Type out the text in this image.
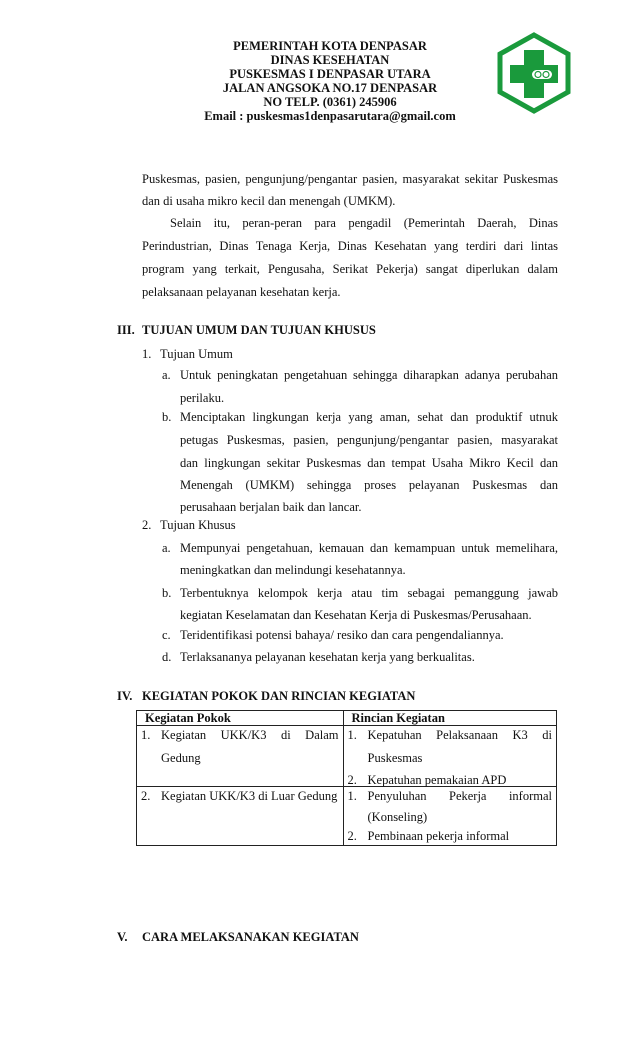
PEMERINTAH KOTA DENPASAR
DINAS KESEHATAN
PUSKESMAS I DENPASAR UTARA
JALAN ANGSOKA NO.17 DENPASAR
NO TELP. (0361) 245906
Email : puskesmas1denpasarutara@gmail.com
Puskesmas, pasien, pengunjung/pengantar pasien, masyarakat sekitar Puskesmas
dan di usaha mikro kecil dan menengah (UMKM).
Selain itu, peran-peran para pengadil (Pemerintah Daerah, Dinas
Perindustrian, Dinas Tenaga Kerja, Dinas Kesehatan yang terdiri dari lintas
program yang terkait, Pengusaha, Serikat Pekerja) sangat diperlukan dalam
pelaksanaan pelayanan kesehatan kerja.
III. TUJUAN UMUM DAN TUJUAN KHUSUS
1. Tujuan Umum
a. Untuk peningkatan pengetahuan sehingga diharapkan adanya perubahan
perilaku.
b. Menciptakan lingkungan kerja yang aman, sehat dan produktif utnuk
petugas Puskesmas, pasien, pengunjung/pengantar pasien, masyarakat
dan lingkungan sekitar Puskesmas dan tempat Usaha Mikro Kecil dan
Menengah (UMKM) sehingga proses pelayanan Puskesmas dan
perusahaan berjalan baik dan lancar.
2. Tujuan Khusus
a. Mempunyai pengetahuan, kemauan dan kemampuan untuk memelihara,
meningkatkan dan melindungi kesehatannya.
b. Terbentuknya kelompok kerja atau tim sebagai pemanggung jawab
kegiatan Keselamatan dan Kesehatan Kerja di Puskesmas/Perusahaan.
c. Teridentifikasi potensi bahaya/ resiko dan cara pengendaliannya.
d. Terlaksananya pelayanan kesehatan kerja yang berkualitas.
IV. KEGIATAN POKOK DAN RINCIAN KEGIATAN
Kegiatan Pokok	Rincian Kegiatan

1. Kegiatan UKK/K3 di Dalam
Gedung	1. Kepatuhan Pelaksanaan K3 di
Puskesmas
2. Kepatuhan pemakaian APD

2. Kegiatan UKK/K3 di Luar Gedung	1. Penyuluhan Pekerja informal
(Konseling)
2. Pembinaan pekerja informal
V. CARA MELAKSANAKAN KEGIATAN
